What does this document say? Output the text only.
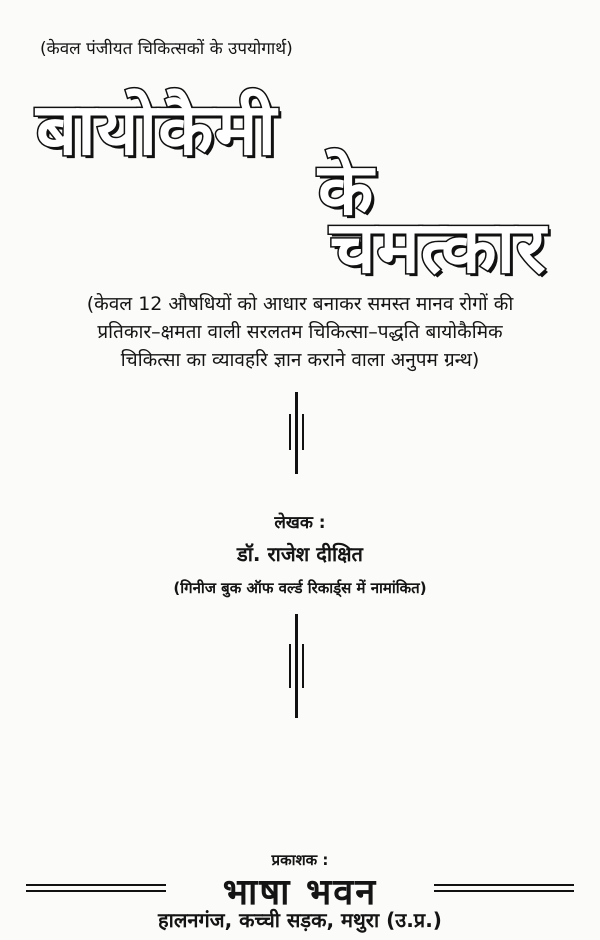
(केवल पंजीयत चिकित्सकों के उपयोगार्थ)
बायोकैमी
के
चमत्कार
(केवल 12 औषधियों को आधार बनाकर समस्त मानव रोगों की
प्रतिकार–क्षमता वाली सरलतम चिकित्सा–पद्धति बायोकैमिक
चिकित्सा का व्यावहरि ज्ञान कराने वाला अनुपम ग्रन्थ)
लेखक :
डॉ. राजेश दीक्षित
(गिनीज बुक ऑफ वर्ल्ड रिकार्ड्स में नामांकित)
प्रकाशक :
भाषा भवन
हालनगंज, कच्ची सड़क, मथुरा (उ.प्र.)
